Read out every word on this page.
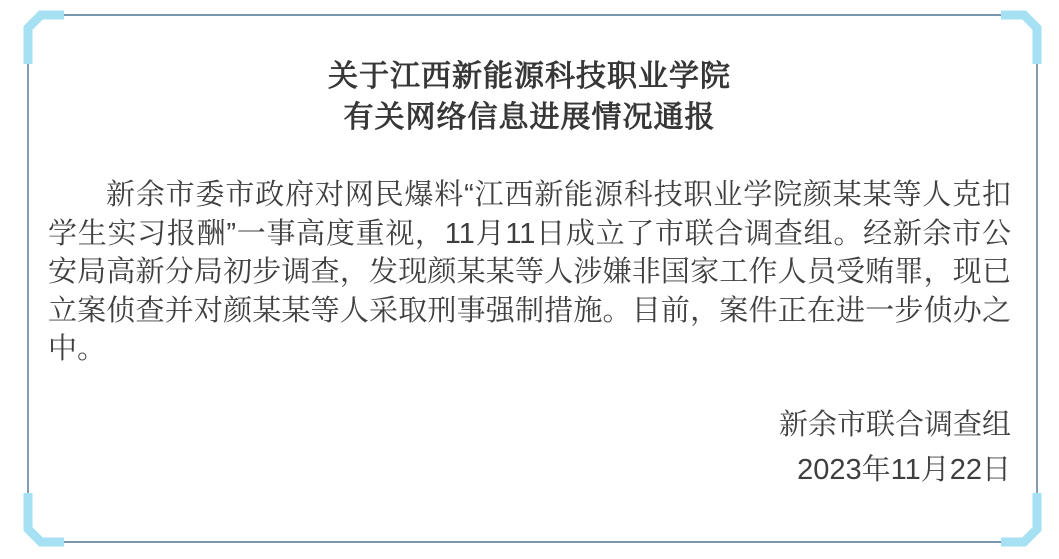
关于江西新能源科技职业学院
有关网络信息进展情况通报

新余市委市政府对网民爆料“江西新能源科技职业学院颜某某等人克扣学生实习报酬”一事高度重视，11月11日成立了市联合调查组。经新余市公安局高新分局初步调查，发现颜某某等人涉嫌非国家工作人员受贿罪，现已立案侦查并对颜某某等人采取刑事强制措施。目前，案件正在进一步侦办之中。

新余市联合调查组
2023年11月22日
